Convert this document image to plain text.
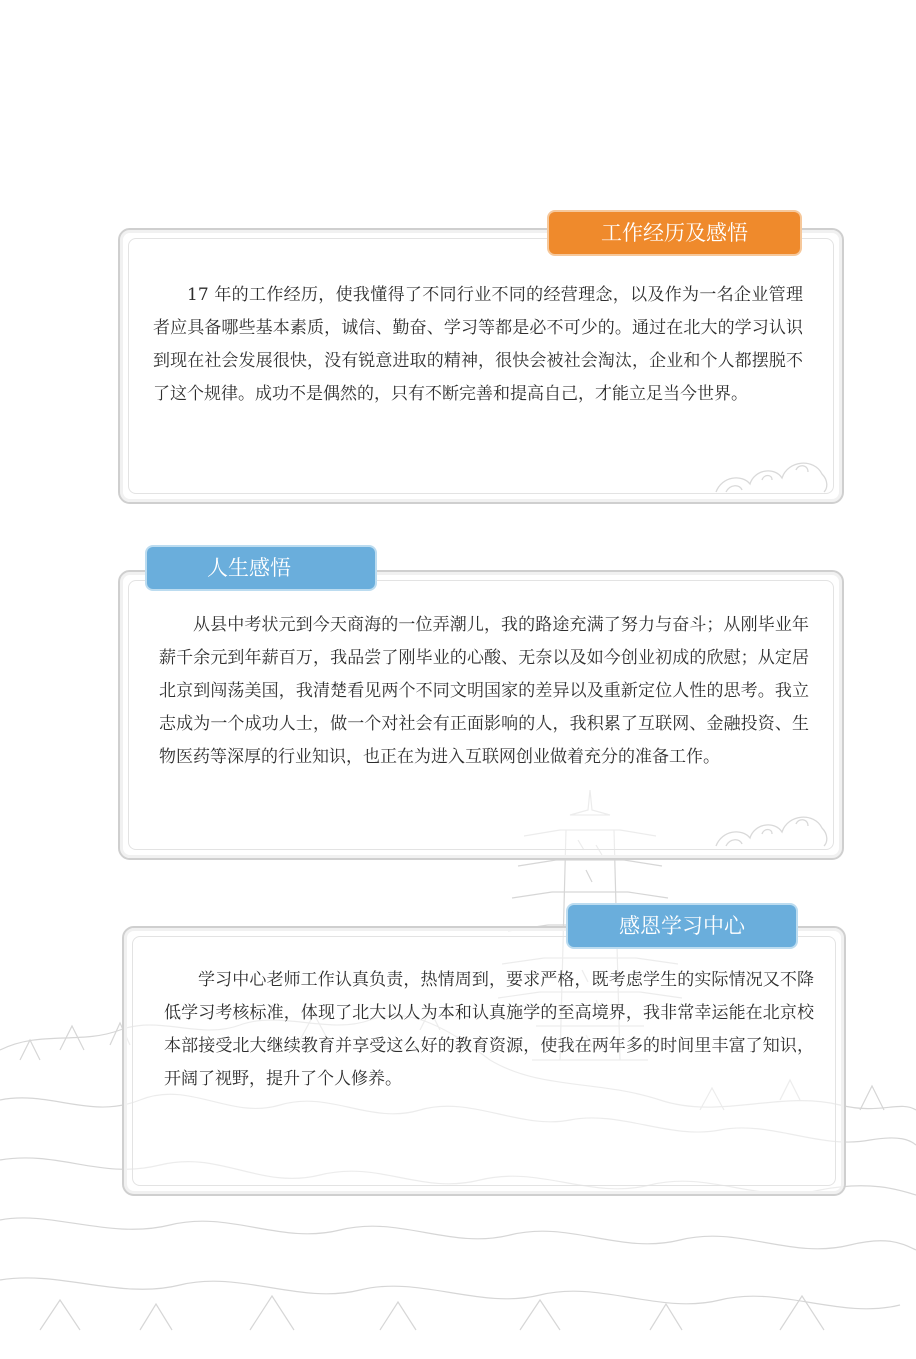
工作经历及感悟

17 年的工作经历，使我懂得了不同行业不同的经营理念，以及作为一名企业管理者应具备哪些基本素质，诚信、勤奋、学习等都是必不可少的。通过在北大的学习认识到现在社会发展很快，没有锐意进取的精神，很快会被社会淘汰，企业和个人都摆脱不了这个规律。成功不是偶然的，只有不断完善和提高自己，才能立足当今世界。

人生感悟

从县中考状元到今天商海的一位弄潮儿，我的路途充满了努力与奋斗；从刚毕业年薪千余元到年薪百万，我品尝了刚毕业的心酸、无奈以及如今创业初成的欣慰；从定居北京到闯荡美国，我清楚看见两个不同文明国家的差异以及重新定位人性的思考。我立志成为一个成功人士，做一个对社会有正面影响的人，我积累了互联网、金融投资、生物医药等深厚的行业知识，也正在为进入互联网创业做着充分的准备工作。

感恩学习中心

学习中心老师工作认真负责，热情周到，要求严格，既考虑学生的实际情况又不降低学习考核标准，体现了北大以人为本和认真施学的至高境界，我非常幸运能在北京校本部接受北大继续教育并享受这么好的教育资源，使我在两年多的时间里丰富了知识，开阔了视野，提升了个人修养。
